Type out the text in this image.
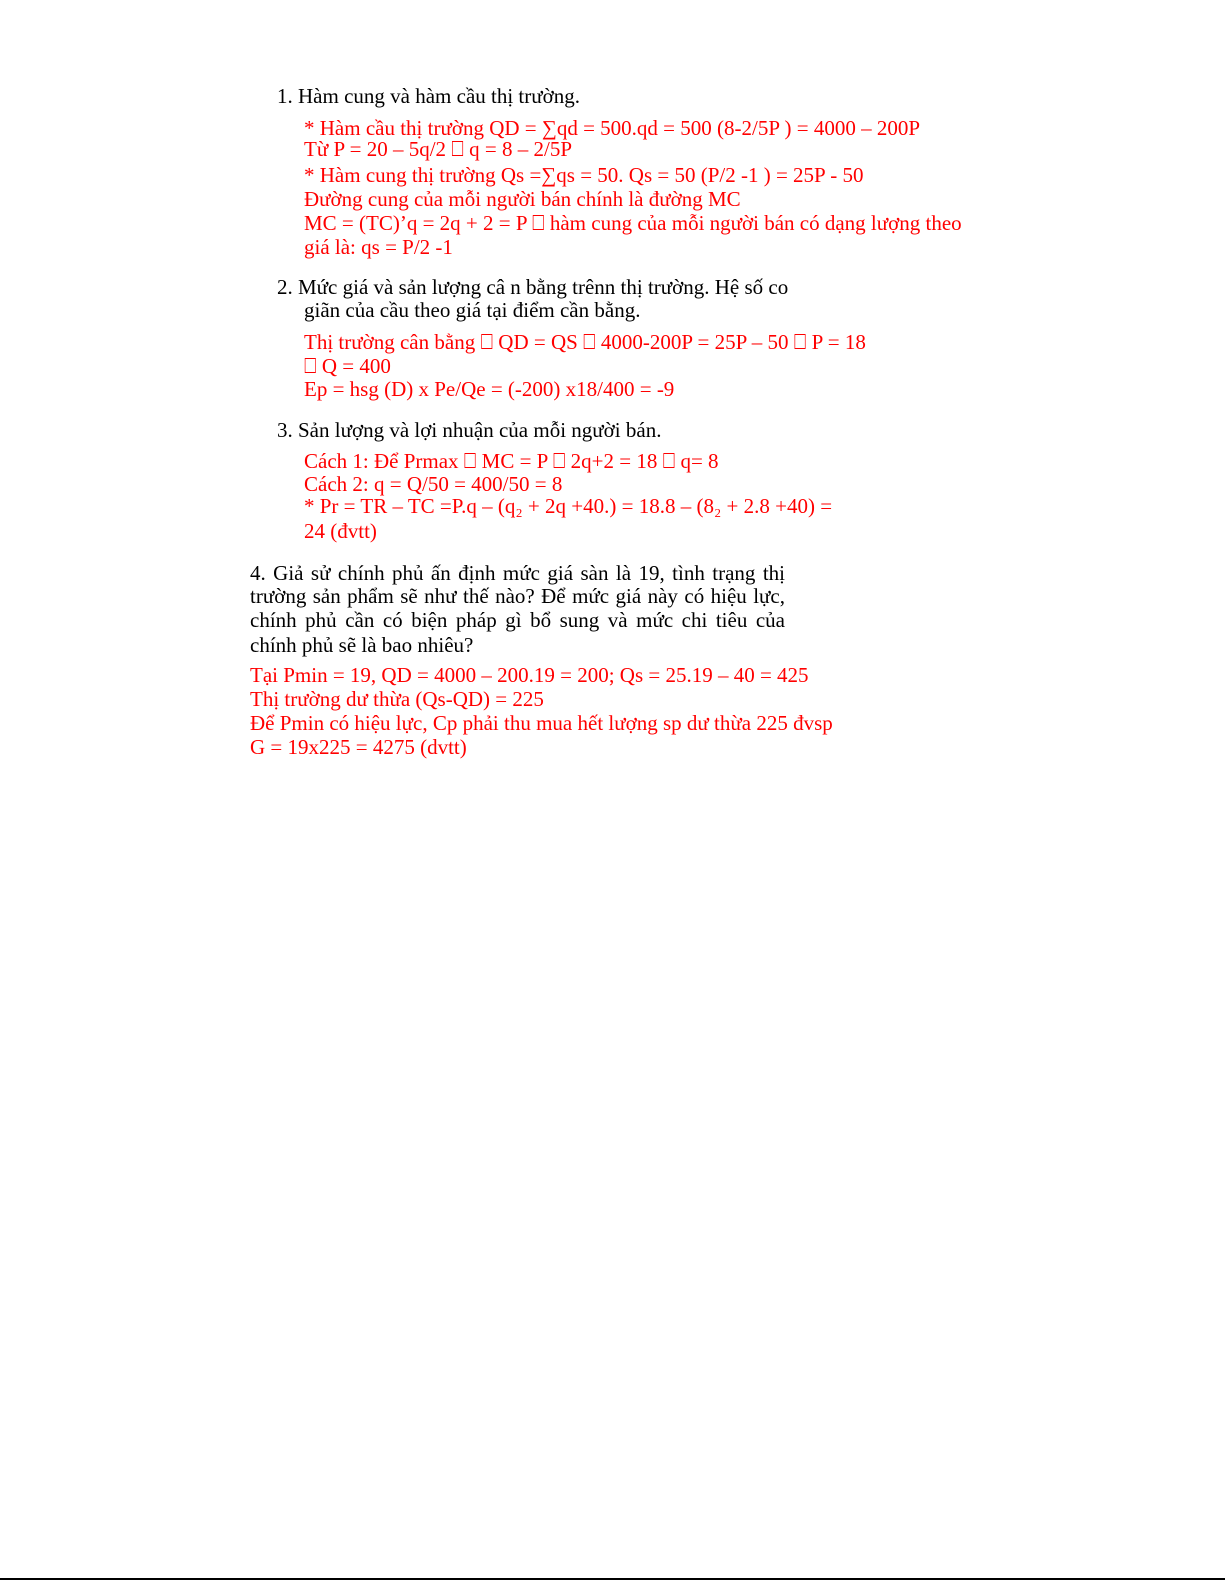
1. Hàm cung và hàm cầu thị trường.
* Hàm cầu thị trường QD = ∑qd = 500.qd = 500 (8-2/5P ) = 4000 – 200P
Từ P = 20 – 5q/2 ⎕ q = 8 – 2/5P
* Hàm cung thị trường Qs =∑qs = 50. Qs = 50 (P/2 -1 ) = 25P - 50
Đường cung của mỗi người bán chính là đường MC
MC = (TC)’q = 2q + 2 = P ⎕ hàm cung của mỗi người bán có dạng lượng theo
giá là: qs = P/2 -1
2. Mức giá và sản lượng câ n bằng trênn thị trường. Hệ số co
giãn của cầu theo giá tại điểm cần bằng.
Thị trường cân bằng ⎕ QD = QS ⎕ 4000-200P = 25P – 50 ⎕ P = 18
⎕ Q = 400
Ep = hsg (D) x Pe/Qe = (-200) x18/400 = -9
3. Sản lượng và lợi nhuận của mỗi người bán.
Cách 1: Để Prmax ⎕ MC = P ⎕ 2q+2 = 18 ⎕ q= 8
Cách 2: q = Q/50 = 400/50 = 8
* Pr = TR – TC =P.q – (q₂ + 2q +40.) = 18.8 – (8₂ + 2.8 +40) =
24 (đvtt)
4. Giả sử chính phủ ấn định mức giá sàn là 19, tình trạng thị
trường sản phẩm sẽ như thế nào? Để mức giá này có hiệu lực,
chính phủ cần có biện pháp gì bổ sung và mức chi tiêu của
chính phủ sẽ là bao nhiêu?
Tại Pmin = 19, QD = 4000 – 200.19 = 200; Qs = 25.19 – 40 = 425
Thị trường dư thừa (Qs-QD) = 225
Để Pmin có hiệu lực, Cp phải thu mua hết lượng sp dư thừa 225 đvsp
G = 19x225 = 4275 (dvtt)
